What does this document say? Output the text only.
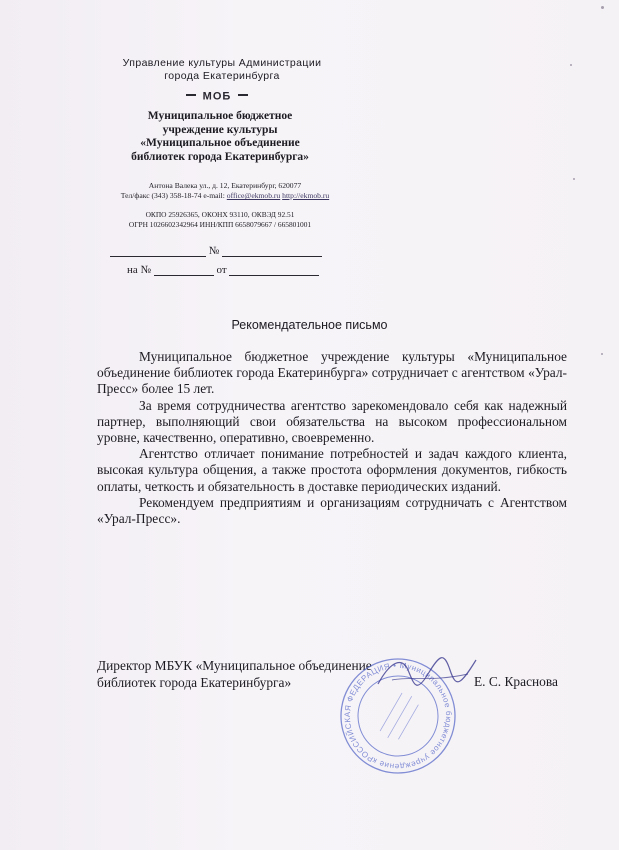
Управление культуры Администрации
города Екатеринбурга
МОБ
Муниципальное бюджетное
учреждение культуры
«Муниципальное объединение
библиотек города Екатеринбурга»
Антона Валека ул., д. 12, Екатеринбург, 620077
Тел/факс (343) 358-18-74 e-mail: office@ekmob.ru http://ekmob.ru
ОКПО 25926365, ОКОНХ 93110, ОКВЭД 92.51
ОГРН 1026602342964 ИНН/КПП 6658079667 / 665801001
№
на №	от
Рекомендательное письмо

Муниципальное бюджетное учреждение культуры «Муниципальное объединение библиотек города Екатеринбурга» сотрудничает с агентством «Урал-Пресс» более 15 лет.

За время сотрудничества агентство зарекомендовало себя как надежный партнер, выполняющий свои обязательства на высоком профессиональном уровне, качественно, оперативно, своевременно.

Агентство отличает понимание потребностей и задач каждого клиента, высокая культура общения, а также простота оформления документов, гибкость оплаты, четкость и обязательность в доставке периодических изданий.

Рекомендуем предприятиям и организациям сотрудничать с Агентством «Урал-Пресс».

Директор МБУК «Муниципальное объединение
библиотек города Екатеринбурга»	Е. С. Краснова
РОССИЙСКАЯ ФЕДЕРАЦИЯ • Муниципальное бюджетное учреждение культуры
